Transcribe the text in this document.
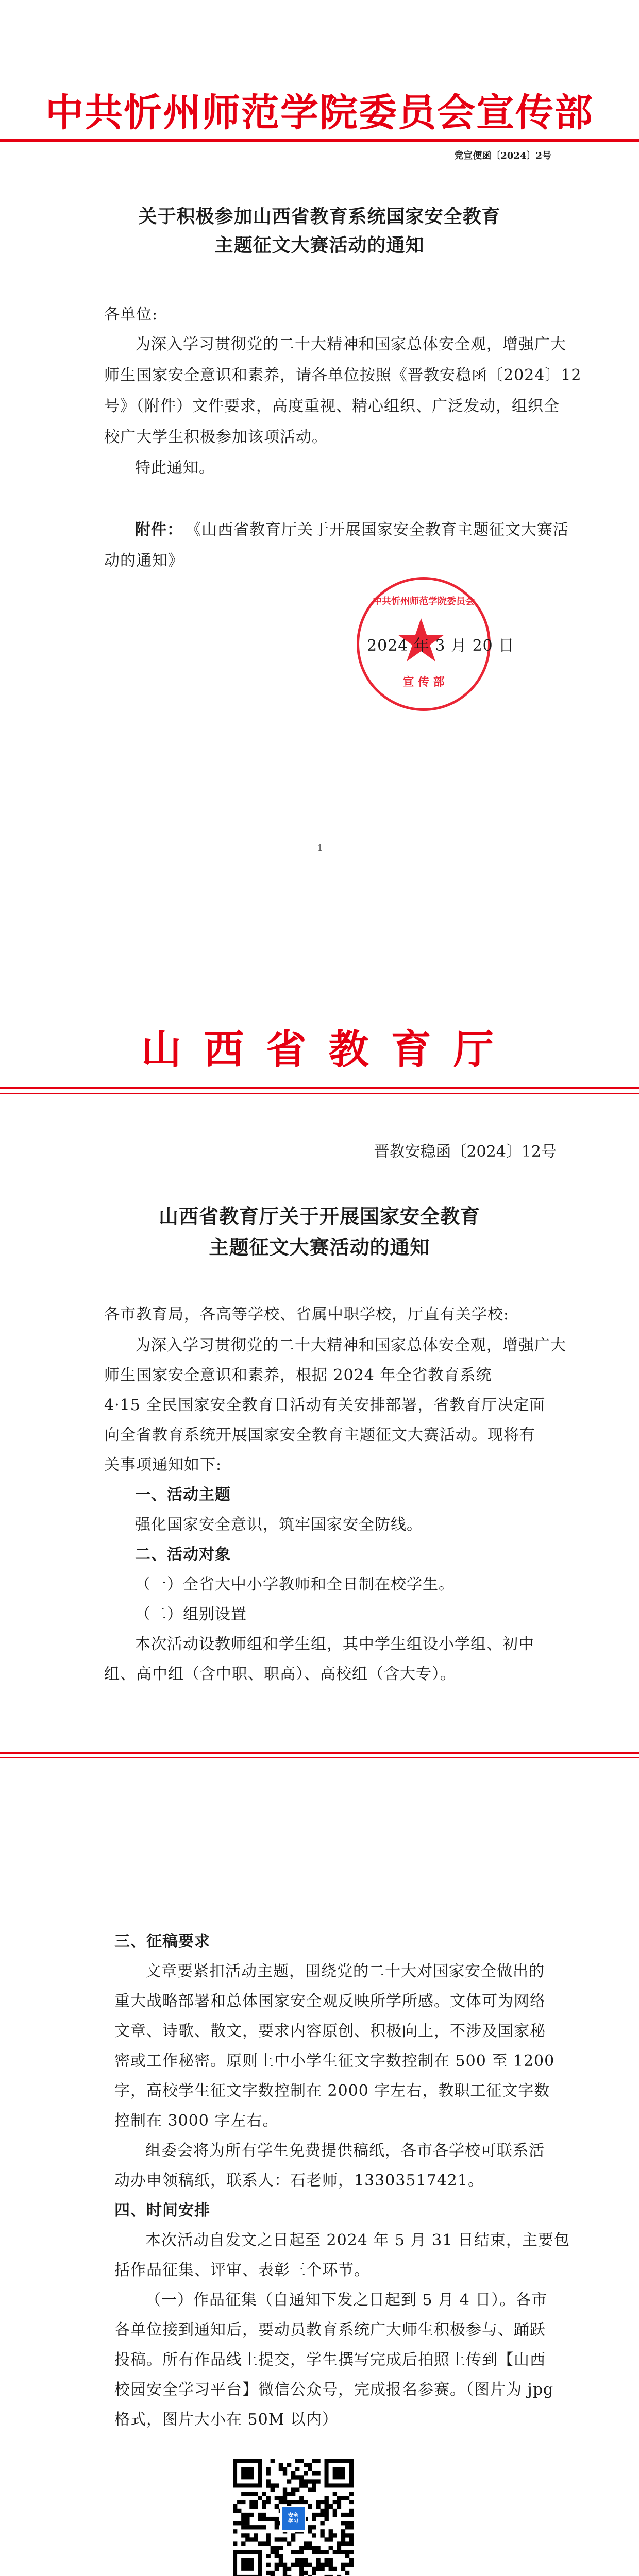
中共忻州师范学院委员会宣传部
党宣便函〔2024〕2号
关于积极参加山西省教育系统国家安全教育
主题征文大赛活动的通知
各单位:
为深入学习贯彻党的二十大精神和国家总体安全观，增强广大
师生国家安全意识和素养，请各单位按照《晋教安稳函〔2024〕12
号》（附件）文件要求，高度重视、精心组织、广泛发动，组织全
校广大学生积极参加该项活动。
特此通知。
附件： 《山西省教育厅关于开展国家安全教育主题征文大赛活
动的通知》
中共忻州师范学院委员会
宣 传 部
2024 年 3 月 20 日
1
山 西 省 教 育 厅
晋教安稳函〔2024〕12号
山西省教育厅关于开展国家安全教育
主题征文大赛活动的通知
各市教育局，各高等学校、省属中职学校，厅直有关学校:
为深入学习贯彻党的二十大精神和国家总体安全观，增强广大
师生国家安全意识和素养，根据 2024 年全省教育系统
4·15 全民国家安全教育日活动有关安排部署，省教育厅决定面
向全省教育系统开展国家安全教育主题征文大赛活动。现将有
关事项通知如下:
一、活动主题
强化国家安全意识，筑牢国家安全防线。
二、活动对象
（一）全省大中小学教师和全日制在校学生。
（二）组别设置
本次活动设教师组和学生组，其中学生组设小学组、初中
组、高中组（含中职、职高）、高校组（含大专）。
三、征稿要求
文章要紧扣活动主题，围绕党的二十大对国家安全做出的
重大战略部署和总体国家安全观反映所学所感。文体可为网络
文章、诗歌、散文，要求内容原创、积极向上，不涉及国家秘
密或工作秘密。原则上中小学生征文字数控制在 500 至 1200
字，高校学生征文字数控制在 2000 字左右，教职工征文字数
控制在 3000 字左右。
组委会将为所有学生免费提供稿纸，各市各学校可联系活
动办申领稿纸，联系人：石老师，13303517421。
四、时间安排
本次活动自发文之日起至 2024 年 5 月 31 日结束，主要包
括作品征集、评审、表彰三个环节。
（一）作品征集（自通知下发之日起到 5 月 4 日）。各市
各单位接到通知后，要动员教育系统广大师生积极参与、踊跃
投稿。所有作品线上提交，学生撰写完成后拍照上传到【山西
校园安全学习平台】微信公众号，完成报名参赛。（图片为 jpg
格式，图片大小在 50M 以内）
安全学习
